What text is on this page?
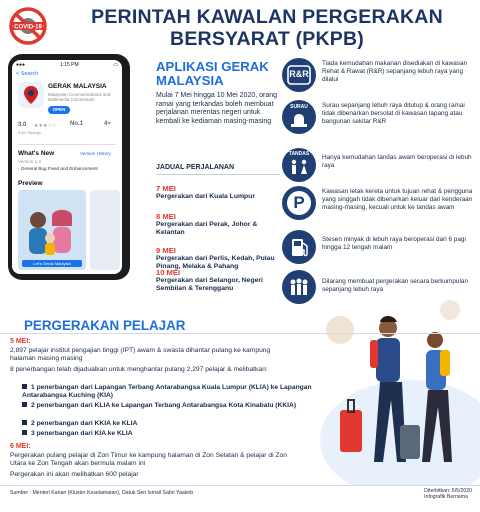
COVID-19	PERINTAH KAWALAN PERGERAKAN
BERSYARAT (PKPB)
●●●	1:15 PM	▭
< Search
GERAK MALAYSIA
Malaysian Communications and Multimedia Commission
OPEN
3.0 ★★★☆☆ No.1	4+
3.6K Ratings
What's New	Version History
Version 1.3
- General Bug Fixed and Enhancement
Preview
Let's Gerak Malaysia
APLIKASI GERAK MALAYSIA
Mulai 7 Mei hingga 10 Mei 2020, orang ramai yang terkandas boleh membuat perjalanan merentas negeri untuk kembali ke kediaman masing-masing
JADUAL PERJALANAN
7 MEI
Pergerakan dari Kuala Lumpur
8 MEI
Pergerakan dari Perak, Johor & Kelantan
9 MEI
Pergerakan dari Perlis, Kedah, Pulau Pinang, Melaka & Pahang
10 MEI
Pergerakan dari Selangor, Negeri Sembilan & Terengganu
R&R
Tiada kemudahan makanan disediakan di kawasan Rehat & Rawat (R&R) sepanjang lebuh raya yang dilalui
SURAU	Surau sepanjang lebuh raya ditutup & orang ramai tidak dibenarkan bersolat di kawasan lapang atau bangunan sekitar R&R
TANDAS	Hanya kemudahan tandas awam beroperasi di lebuh raya
P
Kawasan letak kereta untuk tujuan rehat & pengguna yang singgah tidak dibenarkan keluar dari kenderaan masing-masing, kecuali untuk ke tandas awam
Stesen minyak di lebuh raya beroperasi dari 6 pagi hingga 12 tengah malam
Dilarang membuat pergerakan secara berkumpulan sepanjang lebuh raya
PERGERAKAN PELAJAR
5 MEI:
2,897 pelajar institut pengajian tinggi (IPT) awam & swasta dihantar pulang ke kampung halaman masing masing
8 penerbangan telah dijadualkan untuk menghantar pulang 2,297 pelajar & melibatkan:
1 penerbangan dari Lapangan Terbang Antarabangsa Kuala Lumpur (KLIA) ke Lapangan Antarabangsa Kuching (KIA)
2 penerbangan dari KLIA ke Lapangan Terbang Antarabangsa Kota Kinabalu (KKIA)
2 penerbangan dari KKIA ke KLIA
3 penerbangan dari KIA ke KLIA
6 MEI:
Pergerakan pulang pelajar di Zon Timur ke kampung halaman di Zon Selatan & pelajar di Zon Utara ke Zon Tengah akan bermula malam ini
Pergerakan ini akan melibatkan 600 pelajar
Sumber : Menteri Kanan (Kluster Keselamatan), Datuk Seri Ismail Sabri Yaakob	Diterbitkan: 6/5/2020
Infografik Bernama
